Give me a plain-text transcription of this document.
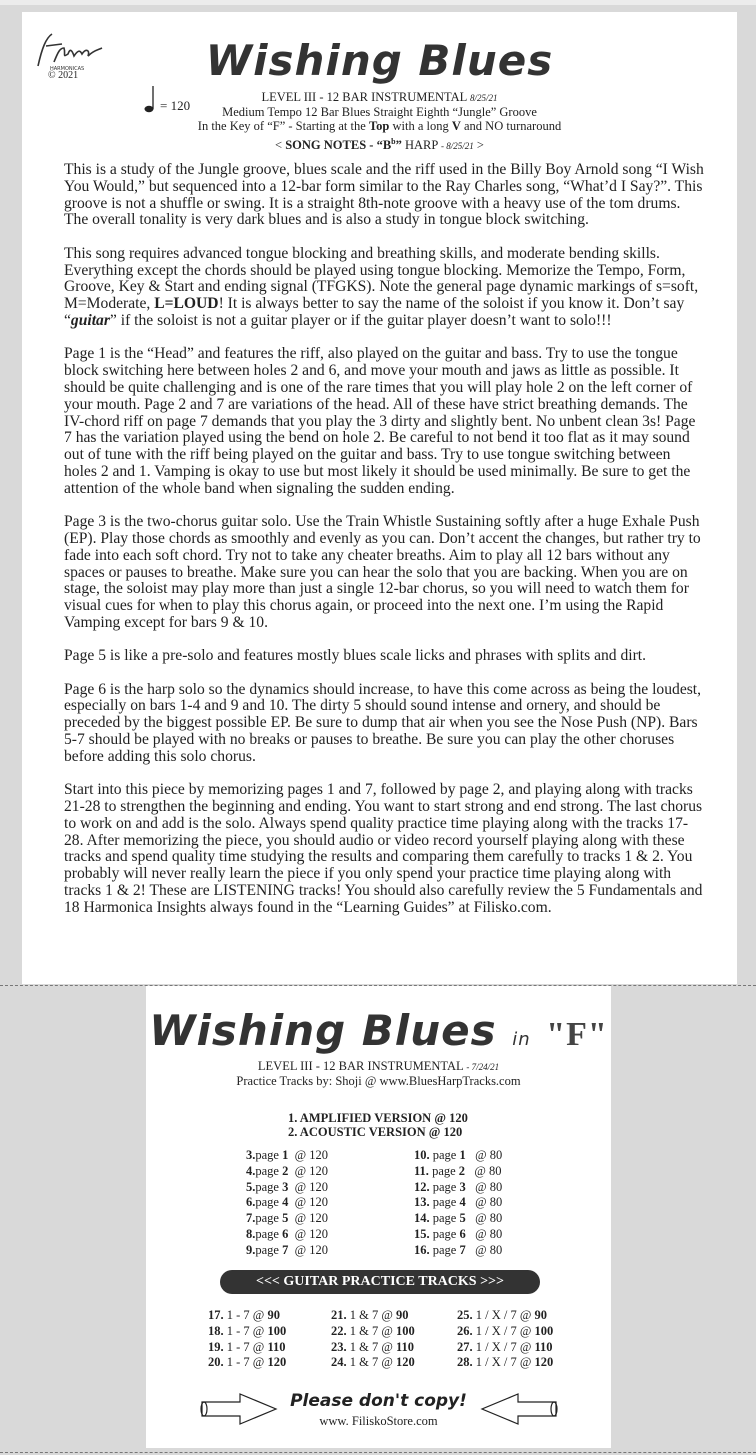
HARMONICAS
© 2021
= 120
Wishing Blues
LEVEL III - 12 BAR INSTRUMENTAL 8/25/21
Medium Tempo 12 Bar Blues Straight Eighth “Jungle” Groove
In the Key of “F” - Starting at the Top with a long V and NO turnaround
< SONG NOTES - “$B^b$” HARP - 8/25/21 >

This is a study of the Jungle groove, blues scale and the riff used in the Billy Boy Arnold song “I Wish You Would,” but sequenced into a 12-bar form similar to the Ray Charles song, “What’d I Say?”. This groove is not a shuffle or swing. It is a straight 8th-note groove with a heavy use of the tom drums. The overall tonality is very dark blues and is also a study in tongue block switching.

This song requires advanced tongue blocking and breathing skills, and moderate bending skills. Everything except the chords should be played using tongue blocking. Memorize the Tempo, Form, Groove, Key & Start and ending signal (TFGKS). Note the general page dynamic markings of s=soft, M=Moderate, L=LOUD! It is always better to say the name of the soloist if you know it. Don’t say “guitar” if the soloist is not a guitar player or if the guitar player doesn’t want to solo!!!

Page 1 is the “Head” and features the riff, also played on the guitar and bass. Try to use the tongue block switching here between holes 2 and 6, and move your mouth and jaws as little as possible. It should be quite challenging and is one of the rare times that you will play hole 2 on the left corner of your mouth. Page 2 and 7 are variations of the head. All of these have strict breathing demands. The IV-chord riff on page 7 demands that you play the 3 dirty and slightly bent. No unbent clean 3s! Page 7 has the variation played using the bend on hole 2. Be careful to not bend it too flat as it may sound out of tune with the riff being played on the guitar and bass. Try to use tongue switching between holes 2 and 1. Vamping is okay to use but most likely it should be used minimally. Be sure to get the attention of the whole band when signaling the sudden ending.

Page 3 is the two-chorus guitar solo. Use the Train Whistle Sustaining softly after a huge Exhale Push (EP). Play those chords as smoothly and evenly as you can. Don’t accent the changes, but rather try to fade into each soft chord. Try not to take any cheater breaths. Aim to play all 12 bars without any spaces or pauses to breathe. Make sure you can hear the solo that you are backing. When you are on stage, the soloist may play more than just a single 12-bar chorus, so you will need to watch them for visual cues for when to play this chorus again, or proceed into the next one. I’m using the Rapid Vamping except for bars 9 & 10.

Page 5 is like a pre-solo and features mostly blues scale licks and phrases with splits and dirt.

Page 6 is the harp solo so the dynamics should increase, to have this come across as being the loudest, especially on bars 1-4 and 9 and 10. The dirty 5 should sound intense and ornery, and should be preceded by the biggest possible EP. Be sure to dump that air when you see the Nose Push (NP). Bars 5-7 should be played with no breaks or pauses to breathe. Be sure you can play the other choruses before adding this solo chorus.

Start into this piece by memorizing pages 1 and 7, followed by page 2, and playing along with tracks 21-28 to strengthen the beginning and ending. You want to start strong and end strong. The last chorus to work on and add is the solo. Always spend quality practice time playing along with the tracks 17-28. After memorizing the piece, you should audio or video record yourself playing along with these tracks and spend quality time studying the results and comparing them carefully to tracks 1 & 2. You probably will never really learn the piece if you only spend your practice time playing along with tracks 1 & 2! These are LISTENING tracks! You should also carefully review the 5 Fundamentals and 18 Harmonica Insights always found in the “Learning Guides” at Filisko.com.

Wishing Blues in "F"
LEVEL III - 12 BAR INSTRUMENTAL - 7/24/21
Practice Tracks by: Shoji @ www.BluesHarpTracks.com
1. AMPLIFIED VERSION @ 120
2. ACOUSTIC VERSION @ 120
3.page 1  @ 120
4.page 2  @ 120
5.page 3  @ 120
6.page 4  @ 120
7.page 5  @ 120
8.page 6  @ 120
9.page 7  @ 120
10. page 1   @ 80
11. page 2   @ 80
12. page 3   @ 80
13. page 4   @ 80
14. page 5   @ 80
15. page 6   @ 80
16. page 7   @ 80
<<< GUITAR PRACTICE TRACKS >>>
17. 1 - 7 @ 90
18. 1 - 7 @ 100
19. 1 - 7 @ 110
20. 1 - 7 @ 120
21. 1 & 7 @ 90
22. 1 & 7 @ 100
23. 1 & 7 @ 110
24. 1 & 7 @ 120
25. 1 / X / 7 @ 90
26. 1 / X / 7 @ 100
27. 1 / X / 7 @ 110
28. 1 / X / 7 @ 120
Please don't copy!
www. FiliskoStore.com
